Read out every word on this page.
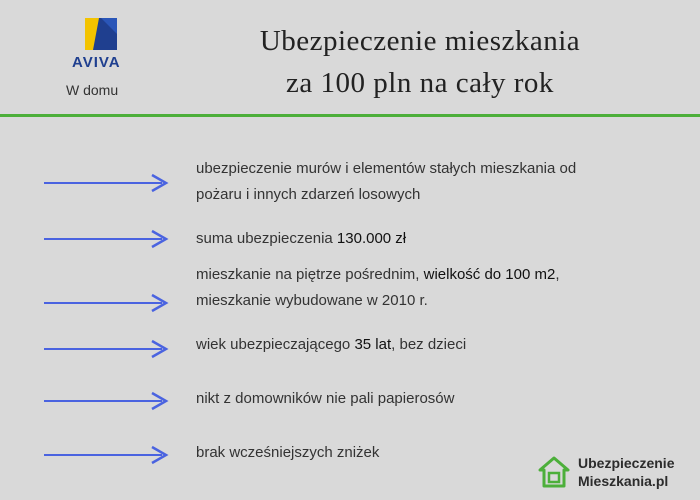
AVIVA
W domu
Ubezpieczenie mieszkania
za 100 pln na cały rok
ubezpieczenie murów i elementów stałych mieszkania od
pożaru i innych zdarzeń losowych
suma ubezpieczenia 130.000 zł
mieszkanie na piętrze pośrednim, wielkość do 100 m2,
mieszkanie wybudowane w 2010 r.
wiek ubezpieczającego 35 lat, bez dzieci
nikt z domowników nie pali papierosów
brak wcześniejszych zniżek
Ubezpieczenie
Mieszkania.pl
